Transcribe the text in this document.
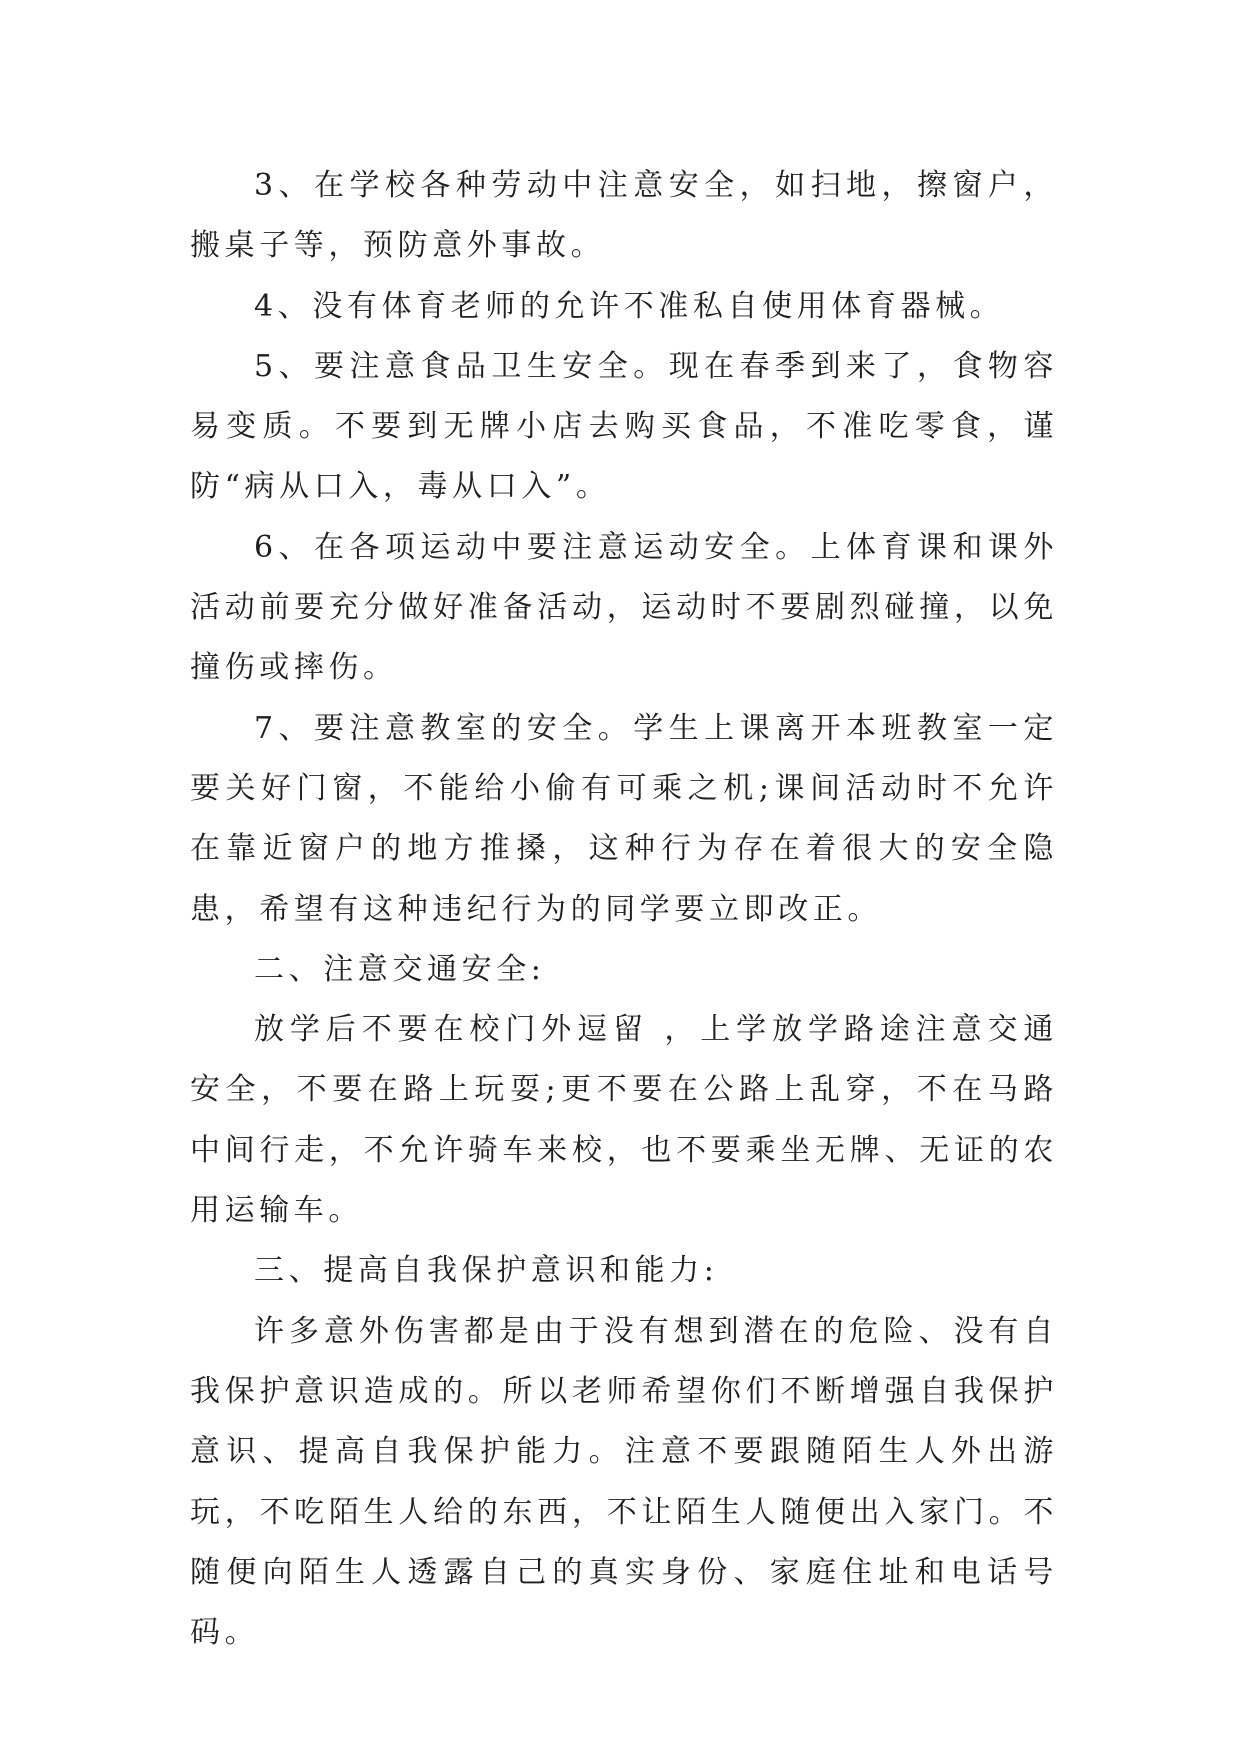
3、在学校各种劳动中注意安全，如扫地，擦窗户，搬桌子等，预防意外事故。

4、没有体育老师的允许不准私自使用体育器械。

5、要注意食品卫生安全。现在春季到来了，食物容易变质。不要到无牌小店去购买食品，不准吃零食，谨防“病从口入，毒从口入”。

6、在各项运动中要注意运动安全。上体育课和课外活动前要充分做好准备活动，运动时不要剧烈碰撞，以免撞伤或摔伤。

7、要注意教室的安全。学生上课离开本班教室一定要关好门窗，不能给小偷有可乘之机;课间活动时不允许在靠近窗户的地方推搡，这种行为存在着很大的安全隐患，希望有这种违纪行为的同学要立即改正。

二、注意交通安全:

放学后不要在校门外逗留 ，上学放学路途注意交通安全，不要在路上玩耍;更不要在公路上乱穿，不在马路中间行走，不允许骑车来校，也不要乘坐无牌、无证的农用运输车。

三、提高自我保护意识和能力:

许多意外伤害都是由于没有想到潜在的危险、没有自我保护意识造成的。所以老师希望你们不断增强自我保护意识、提高自我保护能力。注意不要跟随陌生人外出游玩，不吃陌生人给的东西，不让陌生人随便出入家门。不随便向陌生人透露自己的真实身份、家庭住址和电话号码。
